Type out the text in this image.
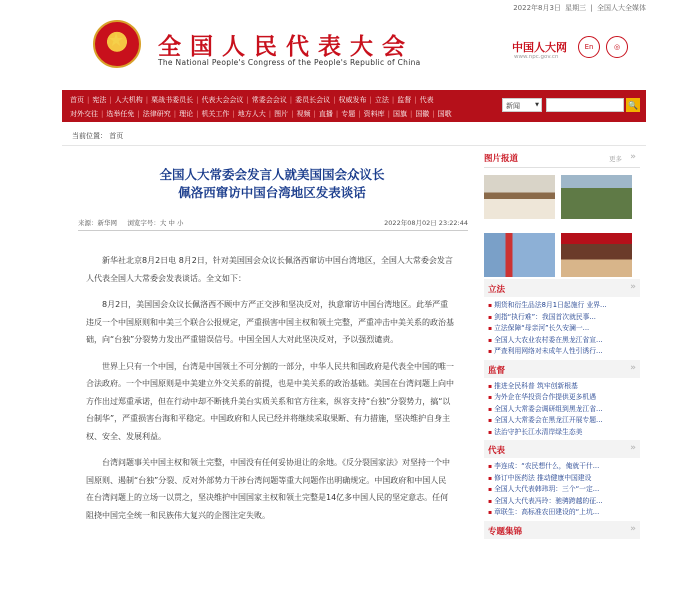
2022年8月3日 星期三 | 全国人大全媒体
★ 全国人民代表大会
The National People's Congress of the People's Republic of China
中国人大网
www.npc.gov.cn
En	◎
首页 | 宪法 | 人大机构 | 栗战书委员长 | 代表大会会议 | 常委会会议 | 委员长会议 | 权威发布 | 立法 | 监督 | 代表
对外交往 | 选举任免 | 法律研究 | 理论 | 机关工作 | 地方人大 | 图片 | 视频 | 直播 | 专题 | 资料库 | 国旗 | 国徽 | 国歌
新闻 ▼	🔍
当前位置： 首页
全国人大常委会发言人就美国国会众议长
佩洛西窜访中国台湾地区发表谈话
来源：新华网 浏览字号：大 中 小	2022年08月02日 23:22:44

新华社北京8月2日电 8月2日，针对美国国会众议长佩洛西窜访中国台湾地区，全国人大常委会发言人代表全国人大常委会发表谈话。全文如下：

8月2日，美国国会众议长佩洛西不顾中方严正交涉和坚决反对，执意窜访中国台湾地区。此举严重违反一个中国原则和中美三个联合公报规定，严重损害中国主权和领土完整，严重冲击中美关系的政治基础，向“台独”分裂势力发出严重错误信号。中国全国人大对此坚决反对，予以强烈谴责。

世界上只有一个中国，台湾是中国领土不可分割的一部分，中华人民共和国政府是代表全中国的唯一合法政府。一个中国原则是中美建立外交关系的前提，也是中美关系的政治基础。美国在台湾问题上向中方作出过郑重承诺，但在行动中却不断挑升美台实质关系和官方往来，纵容支持“台独”分裂势力，搞“以台制华”，严重损害台海和平稳定。中国政府和人民已经并将继续采取果断、有力措施，坚决维护自身主权、安全、发展利益。

台湾问题事关中国主权和领土完整，中国没有任何妥协退让的余地。《反分裂国家法》对坚持一个中国原则、遏制“台独”分裂、反对外部势力干涉台湾问题等重大问题作出明确规定。中国政府和中国人民在台湾问题上的立场一以贯之，坚决维护中国国家主权和领土完整是14亿多中国人民的坚定意志。任何阻挠中国完全统一和民族伟大复兴的企图注定失败。

图片报道	更多 »
立法	»
▪ 期货和衍生品法8月1日起施行 业界...
▪ 剑指“执行难”：我国首次就民事...
▪ 立法保障“母亲河”长久安澜一...
▪ 全国人大农业农村委在黑龙江省宣...
▪ 严查利用网络对未成年人性引诱行...
监督	»
▪ 推进全民科普 筑牢创新根基
▪ 为外企在华投资合作提供更多机遇
▪ 全国人大常委会调研组到黑龙江省...
▪ 全国人大常委会在黑龙江开展专题...
▪ 法治守护长江水清岸绿生态美
代表	»
▪ 李连成：“农民想什么，俺就干什...
▪ 修订中医药法 推动健康中国建设
▪ 全国人大代表韩玮玥：三个“一定...
▪ 全国人大代表冯玲：驰骋跨越的征...
▪ 章联生：高标准农田建设的“上坑...
专题集锦	»
